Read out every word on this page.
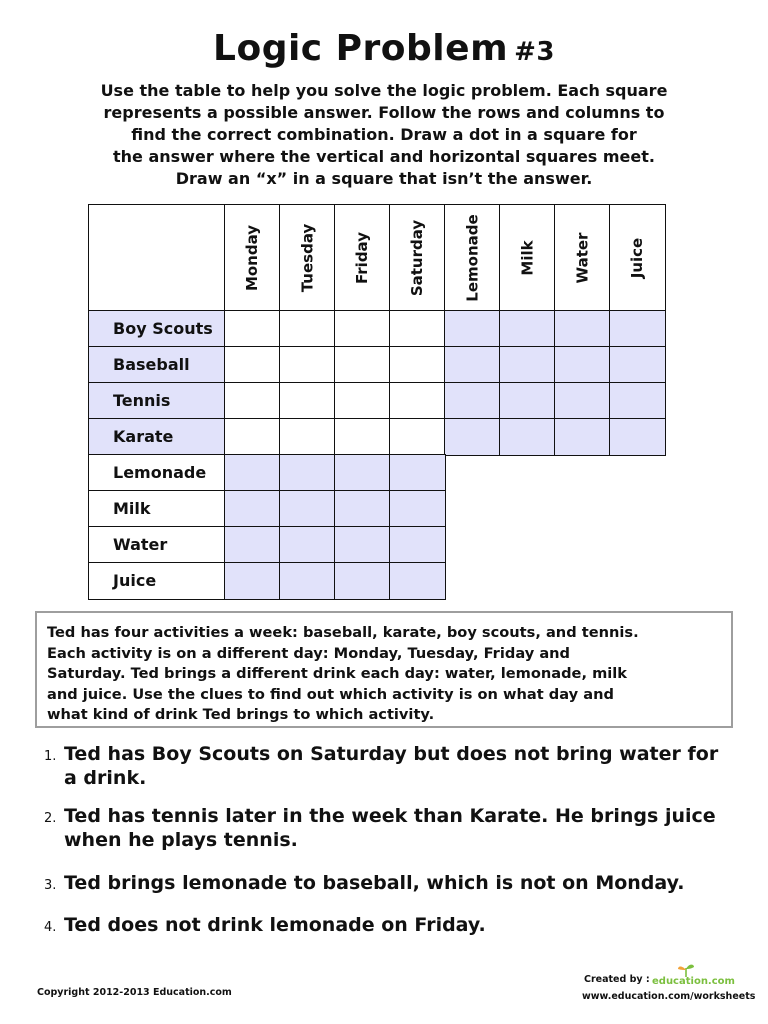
Logic Problem #3
Use the table to help you solve the logic problem. Each square
represents a possible answer. Follow the rows and columns to
find the correct combination. Draw a dot in a square for
the answer where the vertical and horizontal squares meet.
Draw an “x” in a square that isn’t the answer.
Monday Tuesday Friday Saturday Lemonade Milk Water Juice
Boy Scouts
Baseball
Tennis
Karate
Lemonade
Milk
Water
Juice
Ted has four activities a week: baseball, karate, boy scouts, and tennis.
Each activity is on a different day: Monday, Tuesday, Friday and
Saturday. Ted brings a different drink each day: water, lemonade, milk
and juice. Use the clues to find out which activity is on what day and
what kind of drink Ted brings to which activity.
1. Ted has Boy Scouts on Saturday but does not bring water for
a drink.
2. Ted has tennis later in the week than Karate. He brings juice
when he plays tennis.
3. Ted brings lemonade to baseball, which is not on Monday.
4. Ted does not drink lemonade on Friday.
Copyright 2012-2013 Education.com
Created by : education.com
www.education.com/worksheets
